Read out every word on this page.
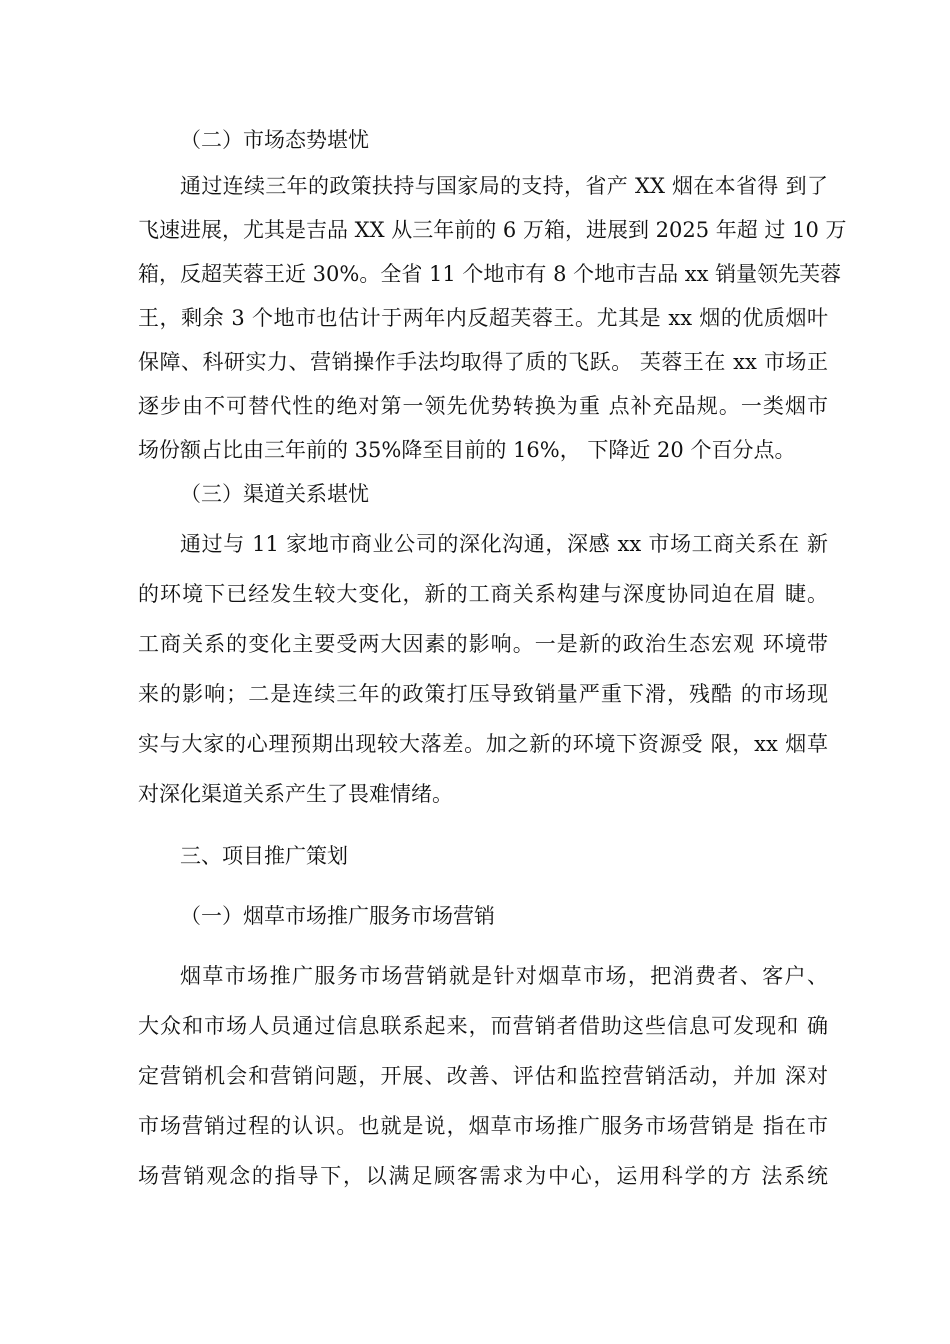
（二）市场态势堪忧
通过连续三年的政策扶持与国家局的支持，省产 XX 烟在本省得 到了
飞速进展，尤其是吉品 XX 从三年前的 6 万箱，进展到 2025 年超 过 10 万
箱，反超芙蓉王近 30%。全省 11 个地市有 8 个地市吉品 xx 销量领先芙蓉
王，剩余 3 个地市也估计于两年内反超芙蓉王。尤其是 xx 烟的优质烟叶
保障、科研实力、营销操作手法均取得了质的飞跃。 芙蓉王在 xx 市场正
逐步由不可替代性的绝对第一领先优势转换为重 点补充品规。一类烟市
场份额占比由三年前的 35%降至目前的 16%， 下降近 20 个百分点。
（三）渠道关系堪忧
通过与 11 家地市商业公司的深化沟通，深感 xx 市场工商关系在 新
的环境下已经发生较大变化，新的工商关系构建与深度协同迫在眉 睫。
工商关系的变化主要受两大因素的影响。一是新的政治生态宏观 环境带
来的影响；二是连续三年的政策打压导致销量严重下滑，残酷 的市场现
实与大家的心理预期出现较大落差。加之新的环境下资源受 限，xx 烟草
对深化渠道关系产生了畏难情绪。
三、项目推广策划
（一）烟草市场推广服务市场营销
烟草市场推广服务市场营销就是针对烟草市场，把消费者、客户、
大众和市场人员通过信息联系起来，而营销者借助这些信息可发现和 确
定营销机会和营销问题，开展、改善、评估和监控营销活动，并加 深对
市场营销过程的认识。也就是说，烟草市场推广服务市场营销是 指在市
场营销观念的指导下，以满足顾客需求为中心，运用科学的方 法系统
